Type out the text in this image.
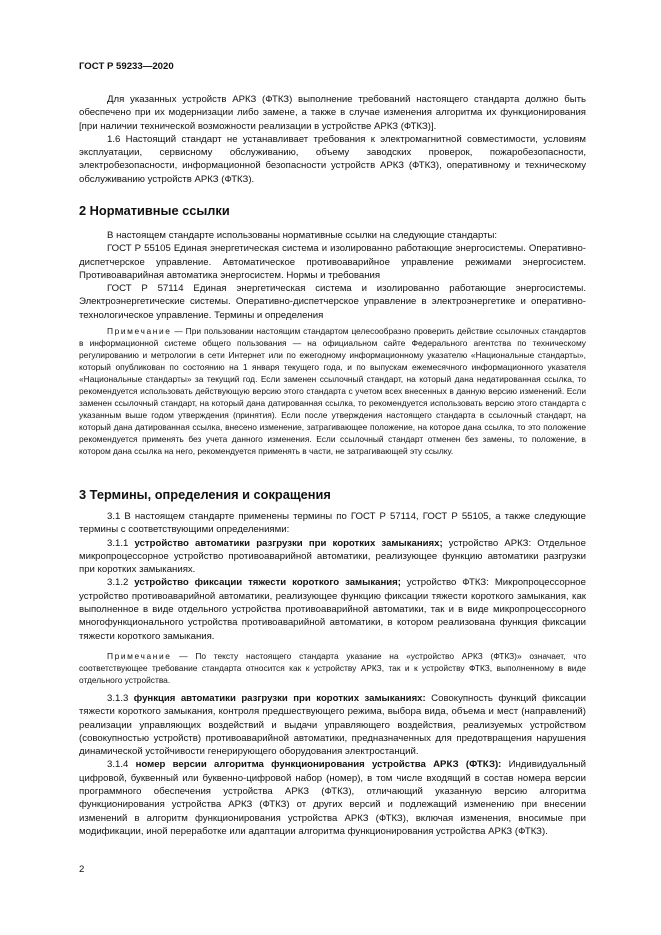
ГОСТ Р 59233—2020

Для указанных устройств АРКЗ (ФТКЗ) выполнение требований настоящего стандарта должно быть обеспечено при их модернизации либо замене, а также в случае изменения алгоритма их функционирования [при наличии технической возможности реализации в устройстве АРКЗ (ФТКЗ)].

1.6 Настоящий стандарт не устанавливает требования к электромагнитной совместимости, условиям эксплуатации, сервисному обслуживанию, объему заводских проверок, пожаробезопасности, электробезопасности, информационной безопасности устройств АРКЗ (ФТКЗ), оперативному и техническому обслуживанию устройств АРКЗ (ФТКЗ).

2 Нормативные ссылки

В настоящем стандарте использованы нормативные ссылки на следующие стандарты:

ГОСТ Р 55105 Единая энергетическая система и изолированно работающие энергосистемы. Оперативно-диспетчерское управление. Автоматическое противоаварийное управление режимами энергосистем. Противоаварийная автоматика энергосистем. Нормы и требования

ГОСТ Р 57114 Единая энергетическая система и изолированно работающие энергосистемы. Электроэнергетические системы. Оперативно-диспетчерское управление в электроэнергетике и оперативно-технологическое управление. Термины и определения

Примечание — При пользовании настоящим стандартом целесообразно проверить действие ссылочных стандартов в информационной системе общего пользования — на официальном сайте Федерального агентства по техническому регулированию и метрологии в сети Интернет или по ежегодному информационному указателю «Национальные стандарты», который опубликован по состоянию на 1 января текущего года, и по выпускам ежемесячного информационного указателя «Национальные стандарты» за текущий год. Если заменен ссылочный стандарт, на который дана недатированная ссылка, то рекомендуется использовать действующую версию этого стандарта с учетом всех внесенных в данную версию изменений. Если заменен ссылочный стандарт, на который дана датированная ссылка, то рекомендуется использовать версию этого стандарта с указанным выше годом утверждения (принятия). Если после утверждения настоящего стандарта в ссылочный стандарт, на который дана датированная ссылка, внесено изменение, затрагивающее положение, на которое дана ссылка, то это положение рекомендуется применять без учета данного изменения. Если ссылочный стандарт отменен без замены, то положение, в котором дана ссылка на него, рекомендуется применять в части, не затрагивающей эту ссылку.

3 Термины, определения и сокращения

3.1 В настоящем стандарте применены термины по ГОСТ Р 57114, ГОСТ Р 55105, а также следующие термины с соответствующими определениями:

3.1.1 устройство автоматики разгрузки при коротких замыканиях; устройство АРКЗ: Отдельное микропроцессорное устройство противоаварийной автоматики, реализующее функцию автоматики разгрузки при коротких замыканиях.

3.1.2 устройство фиксации тяжести короткого замыкания; устройство ФТКЗ: Микропроцессорное устройство противоаварийной автоматики, реализующее функцию фиксации тяжести короткого замыкания, как выполненное в виде отдельного устройства противоаварийной автоматики, так и в виде микропроцессорного многофункционального устройства противоаварийной автоматики, в котором реализована функция фиксации тяжести короткого замыкания.

Примечание — По тексту настоящего стандарта указание на «устройство АРКЗ (ФТКЗ)» означает, что соответствующее требование стандарта относится как к устройству АРКЗ, так и к устройству ФТКЗ, выполненному в виде отдельного устройства.

3.1.3 функция автоматики разгрузки при коротких замыканиях: Совокупность функций фиксации тяжести короткого замыкания, контроля предшествующего режима, выбора вида, объема и мест (направлений) реализации управляющих воздействий и выдачи управляющего воздействия, реализуемых устройством (совокупностью устройств) противоаварийной автоматики, предназначенных для предотвращения нарушения динамической устойчивости генерирующего оборудования электростанций.

3.1.4 номер версии алгоритма функционирования устройства АРКЗ (ФТКЗ): Индивидуальный цифровой, буквенный или буквенно-цифровой набор (номер), в том числе входящий в состав номера версии программного обеспечения устройства АРКЗ (ФТКЗ), отличающий указанную версию алгоритма функционирования устройства АРКЗ (ФТКЗ) от других версий и подлежащий изменению при внесении изменений в алгоритм функционирования устройства АРКЗ (ФТКЗ), включая изменения, вносимые при модификации, иной переработке или адаптации алгоритма функционирования устройства АРКЗ (ФТКЗ).

2
